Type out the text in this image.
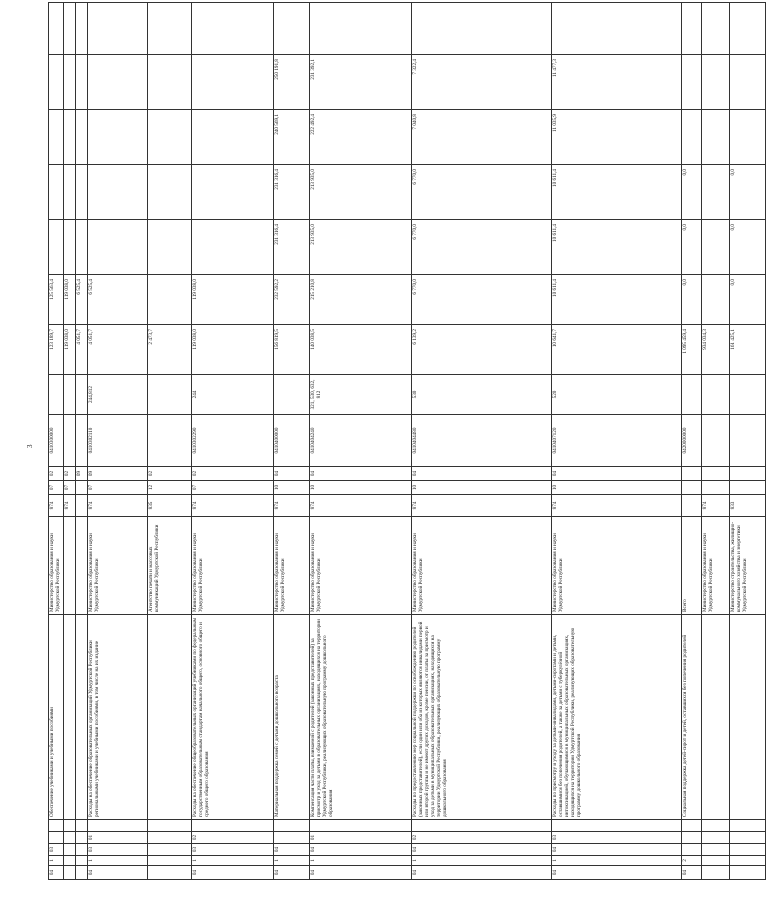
3
04	1	03			Обеспечение учебниками и учебными пособиями	Министерство образования и науки Удмуртской Республики	874	07	02	0410300000		123 189,7	125 563,4					
							874	07	02			119 038,0	119 038,0					
									09			4 051,7	6 525,4					
04	1	03	01		Расходы на обеспечение образовательных организаций Удмуртской Республики региональными учебниками и учебными пособиями, в том числе на их издание	Министерство образования и науки Удмуртской Республики	874	07	09	0410302110	244,812	4 051,7	6 525,4					
						Агентство печати и массовых коммуникаций Удмуртской Республики	835	12	02			2 473,7						
04	1	03	02		Расходы на обеспечение общеобразовательных организаций учебниками по федеральным государственным образовательным стандартам начального общего, основного общего и среднего общего образования	Министерство образования и науки Удмуртской Республики	874	07	02	0410302290	244	119 038,0	119 038,0					
04	1	04			Материальная поддержка семей с детьми дошкольного возраста	Министерство образования и науки Удмуртской Республики	874	10	04	0410400000		156 819,5	232 592,2	231 316,4	231 316,4	240 569,1	250 191,8	
04	1	04	01		Компенсация части платы, взимаемой с родителей (законных представителей) за присмотр и уход за детьми в образовательных организациях, находящихся на территории Удмуртской Республики, реализующих образовательную программу дошкольного образования	Министерство образования и науки Удмуртской Республики	874	10	04	0410404240	321, 530, 632, 812	140 038,5	215 210,8	213 935,0	213 935,0	222 492,4	231 392,1	
04	1	04	02		Расходы по предоставлению мер социальной поддержки по освобождению родителей (законных представителей), если один или оба из которых являются инвалидами первой или второй группы и не имеют других доходов, кроме пенсии, от платы за присмотр и уход за детьми в муниципальных образовательных организациях, находящихся на территории Удмуртской Республики, реализующих образовательную программу дошкольного образования	Министерство образования и науки Удмуртской Республики	874	10	04	0410404480	530	6 139,2	6 770,0	6 770,0	6 770,0	7 040,8	7 322,4	
04	1	04	03		Расходы по присмотру и уходу за детьми-инвалидами, детьми-сиротами и детьми, оставшимися без попечения родителей, а также за детьми с туберкулёзной интоксикацией, обучающимися в муниципальных образовательных организациях, находящихся на территории Удмуртской Республики, реализующих образовательную программу дошкольного образования	Министерство образования и науки Удмуртской Республики	874	10	04	0410407120	520	10 641,7	10 611,4	10 611,4	10 611,4	11 035,9	11 477,3	
04	2				Социальная поддержка детей-сирот и детей, оставшихся без попечения родителей	Всего				0420000000		1 095 459,4	0,0	0,0	0,0			
						Министерство образования и науки Удмуртской Республики	874					934 034,3						
						Министерство строительства, жилищно-коммунального хозяйства и энергетики Удмуртской Республики	833					161 425,1	0,0	0,0	0,0			
